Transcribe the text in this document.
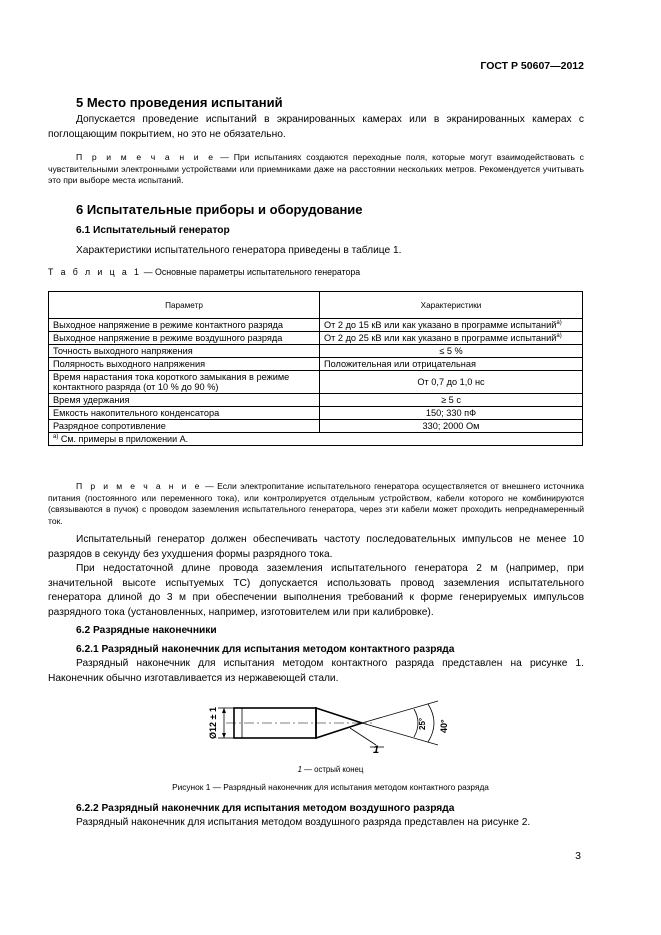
ГОСТ Р 50607—2012
5 Место проведения испытаний
Допускается проведение испытаний в экранированных камерах или в экранированных камерах с поглощающим покрытием, но это не обязательно.
П р и м е ч а н и е — При испытаниях создаются переходные поля, которые могут взаимодействовать с чувствительными электронными устройствами или приемниками даже на расстоянии нескольких метров. Рекомендуется учитывать это при выборе места испытаний.
6 Испытательные приборы и оборудование
6.1 Испытательный генератор
Характеристики испытательного генератора приведены в таблице 1.
Т а б л и ц а 1 — Основные параметры испытательного генератора
Параметр	Характеристики
Выходное напряжение в режиме контактного разряда	От 2 до 15 кВ или как указано в программе испытаний$^{а)}$
Выходное напряжение в режиме воздушного разряда	От 2 до 25 кВ или как указано в программе испытаний$^{а)}$
Точность выходного напряжения	≤ 5 %
Полярность выходного напряжения	Положительная или отрицательная
Время нарастания тока короткого замыкания в режиме контактного разряда (от 10 % до 90 %)	От 0,7 до 1,0 нс
Время удержания	≥ 5 с
Емкость накопительного конденсатора	150; 330 пФ
Разрядное сопротивление	330; 2000 Ом
$^{а)}$ См. примеры в приложении А.	
П р и м е ч а н и е — Если электропитание испытательного генератора осуществляется от внешнего источника питания (постоянного или переменного тока), или контролируется отдельным устройством, кабели которого не комбинируются (связываются в пучок) с проводом заземления испытательного генератора, через эти кабели может проходить непреднамеренный ток.
Испытательный генератор должен обеспечивать частоту последовательных импульсов не менее 10 разрядов в секунду без ухудшения формы разрядного тока.
При недостаточной длине провода заземления испытательного генератора 2 м (например, при значительной высоте испытуемых ТС) допускается использовать провод заземления испытательного генератора длиной до 3 м при обеспечении выполнения требований к форме генерируемых импульсов разрядного тока (установленных, например, изготовителем или при калибровке).
6.2 Разрядные наконечники
6.2.1 Разрядный наконечник для испытания методом контактного разряда
Разрядный наконечник для испытания методом контактного разряда представлен на рисунке 1. Наконечник обычно изготавливается из нержавеющей стали.
Ø12 ± 1	40°
25°
1
1 — острый конец
Рисунок 1 — Разрядный наконечник для испытания методом контактного разряда
6.2.2 Разрядный наконечник для испытания методом воздушного разряда
Разрядный наконечник для испытания методом воздушного разряда представлен на рисунке 2.
3
